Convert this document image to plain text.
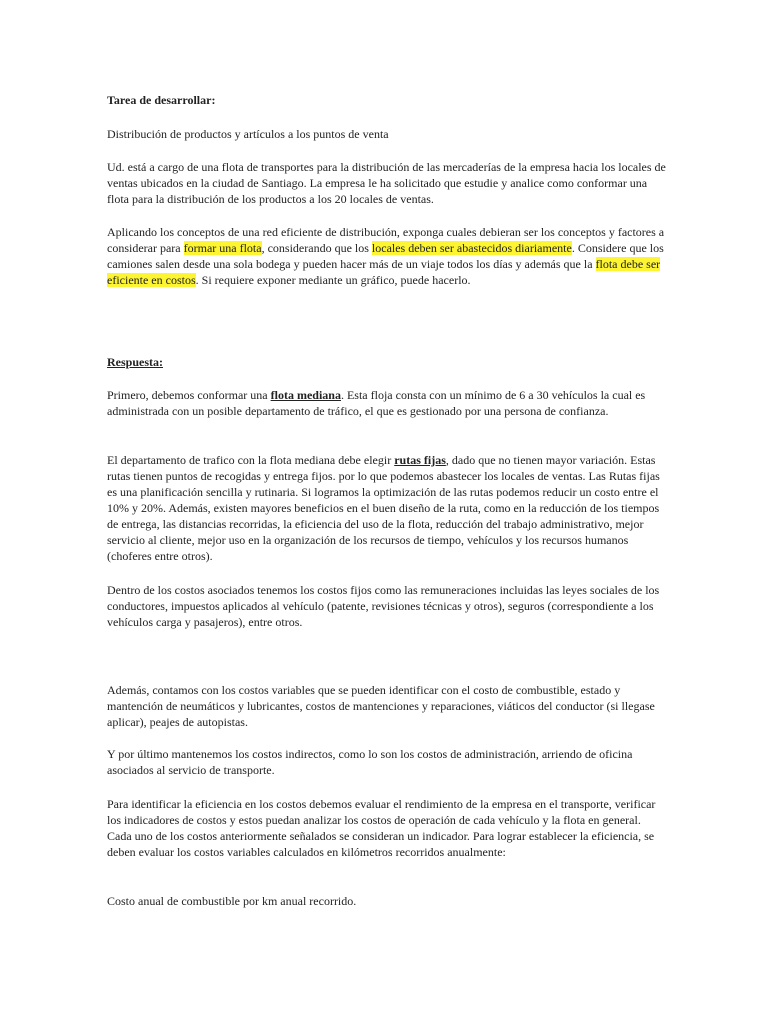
Tarea de desarrollar:

Distribución de productos y artículos a los puntos de venta

Ud. está a cargo de una flota de transportes para la distribución de las mercaderías de la empresa hacia los locales de ventas ubicados en la ciudad de Santiago. La empresa le ha solicitado que estudie y analice como conformar una flota para la distribución de los productos a los 20 locales de ventas.

Aplicando los conceptos de una red eficiente de distribución, exponga cuales debieran ser los conceptos y factores a considerar para formar una flota, considerando que los locales deben ser abastecidos diariamente. Considere que los camiones salen desde una sola bodega y pueden hacer más de un viaje todos los días y además que la flota debe ser eficiente en costos. Si requiere exponer mediante un gráfico, puede hacerlo.

Respuesta:

Primero, debemos conformar una flota mediana. Esta floja consta con un mínimo de 6 a 30 vehículos la cual es administrada con un posible departamento de tráfico, el que es gestionado por una persona de confianza.

El departamento de trafico con la flota mediana debe elegir rutas fijas, dado que no tienen mayor variación. Estas rutas tienen puntos de recogidas y entrega fijos. por lo que podemos abastecer los locales de ventas. Las Rutas fijas es una planificación sencilla y rutinaria. Si logramos la optimización de las rutas podemos reducir un costo entre el 10% y 20%. Además, existen mayores beneficios en el buen diseño de la ruta, como en la reducción de los tiempos de entrega, las distancias recorridas, la eficiencia del uso de la flota, reducción del trabajo administrativo, mejor servicio al cliente, mejor uso en la organización de los recursos de tiempo, vehículos y los recursos humanos (choferes entre otros).

Dentro de los costos asociados tenemos los costos fijos como las remuneraciones incluidas las leyes sociales de los conductores, impuestos aplicados al vehículo (patente, revisiones técnicas y otros), seguros (correspondiente a los vehículos carga y pasajeros), entre otros.

Además, contamos con los costos variables que se pueden identificar con el costo de combustible, estado y mantención de neumáticos y lubricantes, costos de mantenciones y reparaciones, viáticos del conductor (si llegase aplicar), peajes de autopistas.

Y por último mantenemos los costos indirectos, como lo son los costos de administración, arriendo de oficina asociados al servicio de transporte.

Para identificar la eficiencia en los costos debemos evaluar el rendimiento de la empresa en el transporte, verificar los indicadores de costos y estos puedan analizar los costos de operación de cada vehículo y la flota en general. Cada uno de los costos anteriormente señalados se consideran un indicador. Para lograr establecer la eficiencia, se deben evaluar los costos variables calculados en kilómetros recorridos anualmente:

Costo anual de combustible por km anual recorrido.
